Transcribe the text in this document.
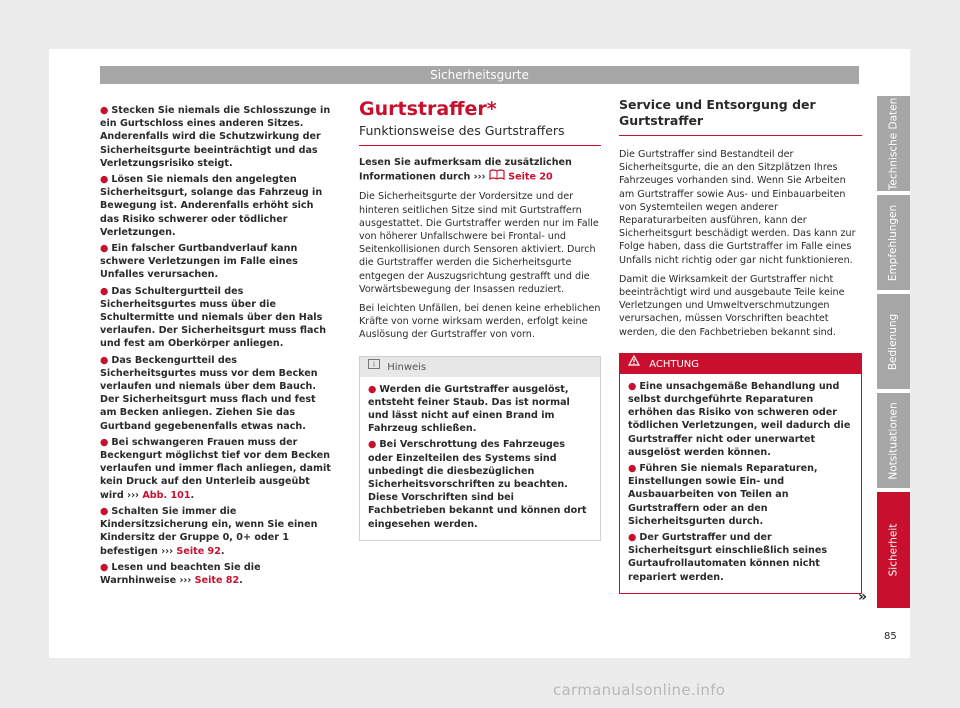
Sicherheitsgurte
● Stecken Sie niemals die Schlosszunge in ein Gurtschloss eines anderen Sitzes. Anderenfalls wird die Schutzwirkung der Sicherheitsgurte beeinträchtigt und das Verletzungsrisiko steigt.
● Lösen Sie niemals den angelegten Sicherheitsgurt, solange das Fahrzeug in Bewegung ist. Anderenfalls erhöht sich das Risiko schwerer oder tödlicher Verletzungen.
● Ein falscher Gurtbandverlauf kann schwere Verletzungen im Falle eines Unfalles verursachen.
● Das Schultergurtteil des Sicherheitsgurtes muss über die Schultermitte und niemals über den Hals verlaufen. Der Sicherheitsgurt muss flach und fest am Oberkörper anliegen.
● Das Beckengurtteil des Sicherheitsgurtes muss vor dem Becken verlaufen und niemals über dem Bauch. Der Sicherheitsgurt muss flach und fest am Becken anliegen. Ziehen Sie das Gurtband gegebenenfalls etwas nach.
● Bei schwangeren Frauen muss der Beckengurt möglichst tief vor dem Becken verlaufen und immer flach anliegen, damit kein Druck auf den Unterleib ausgeübt wird ››› Abb. 101.
● Schalten Sie immer die Kindersitzsicherung ein, wenn Sie einen Kindersitz der Gruppe 0, 0+ oder 1 befestigen ››› Seite 92.
● Lesen und beachten Sie die Warnhinweise ››› Seite 82.
Gurtstraffer*
Funktionsweise des Gurtstraffers

Lesen Sie aufmerksam die zusätzlichen Informationen durch ››› Seite 20

Die Sicherheitsgurte der Vordersitze und der hinteren seitlichen Sitze sind mit Gurtstraffern ausgestattet. Die Gurtstraffer werden nur im Falle von höherer Unfallschwere bei Frontal- und Seitenkollisionen durch Sensoren aktiviert. Durch die Gurtstraffer werden die Sicherheitsgurte entgegen der Auszugsrichtung gestrafft und die Vorwärtsbewegung der Insassen reduziert.

Bei leichten Unfällen, bei denen keine erheblichen Kräfte von vorne wirksam werden, erfolgt keine Auslösung der Gurtstraffer von vorn.

i Hinweis
● Werden die Gurtstraffer ausgelöst, entsteht feiner Staub. Das ist normal und lässt nicht auf einen Brand im Fahrzeug schließen.
● Bei Verschrottung des Fahrzeuges oder Einzelteilen des Systems sind unbedingt die diesbezüglichen Sicherheitsvorschriften zu beachten. Diese Vorschriften sind bei Fachbetrieben bekannt und können dort eingesehen werden.
Service und Entsorgung der Gurtstraffer

Die Gurtstraffer sind Bestandteil der Sicherheitsgurte, die an den Sitzplätzen Ihres Fahrzeuges vorhanden sind. Wenn Sie Arbeiten am Gurtstraffer sowie Aus- und Einbauarbeiten von Systemteilen wegen anderer Reparaturarbeiten ausführen, kann der Sicherheitsgurt beschädigt werden. Das kann zur Folge haben, dass die Gurtstraffer im Falle eines Unfalls nicht richtig oder gar nicht funktionieren.

Damit die Wirksamkeit der Gurtstraffer nicht beeinträchtigt wird und ausgebaute Teile keine Verletzungen und Umweltverschmutzungen verursachen, müssen Vorschriften beachtet werden, die den Fachbetrieben bekannt sind.

ACHTUNG
● Eine unsachgemäße Behandlung und selbst durchgeführte Reparaturen erhöhen das Risiko von schweren oder tödlichen Verletzungen, weil dadurch die Gurtstraffer nicht oder unerwartet ausgelöst werden können.
● Führen Sie niemals Reparaturen, Einstellungen sowie Ein- und Ausbauarbeiten von Teilen an Gurtstraffern oder an den Sicherheitsgurten durch.
● Der Gurtstraffer und der Sicherheitsgurt einschließlich seines Gurtaufrollautomaten können nicht repariert werden.
»
Technische Daten
Empfehlungen
Bedienung
Notsituationen
Sicherheit
85
carmanualsonline.info
